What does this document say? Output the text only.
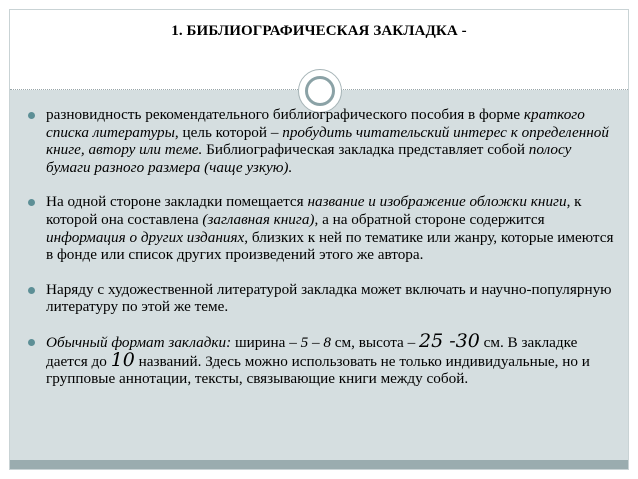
1. БИБЛИОГРАФИЧЕСКАЯ ЗАКЛАДКА -
разновидность рекомендательного библиографического пособия в форме краткого списка литературы, цель которой – пробудить читательский интерес к определенной книге, автору или теме. Библиографическая закладка представляет собой полосу бумаги разного размера (чаще узкую).
На одной стороне закладки помещается название и изображение обложки книги, к которой она составлена (заглавная книга), а на обратной стороне содержится информация о других изданиях, близких к ней по тематике или жанру, которые имеются в фонде или список других произведений этого же автора.
Наряду с художественной литературой закладка может включать и научно-популярную литературу по этой же теме.
Обычный формат закладки: ширина – 5 – 8 см, высота – 25 -30 см. В закладке дается до 10 названий. Здесь можно использовать не только индивидуальные, но и групповые аннотации, тексты, связывающие книги между собой.
